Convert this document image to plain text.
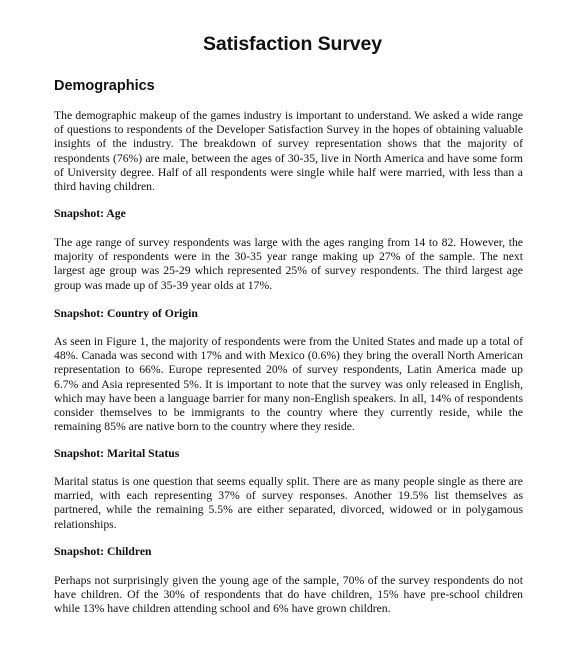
Satisfaction Survey
Demographics

The demographic makeup of the games industry is important to understand. We asked a wide range of questions to respondents of the Developer Satisfaction Survey in the hopes of obtaining valuable insights of the industry. The breakdown of survey representation shows that the majority of respondents (76%) are male, between the ages of 30-35, live in North America and have some form of University degree. Half of all respondents were single while half were married, with less than a third having children.

Snapshot: Age

The age range of survey respondents was large with the ages ranging from 14 to 82. However, the majority of respondents were in the 30-35 year range making up 27% of the sample. The next largest age group was 25-29 which represented 25% of survey respondents. The third largest age group was made up of 35-39 year olds at 17%.

Snapshot: Country of Origin

As seen in Figure 1, the majority of respondents were from the United States and made up a total of 48%. Canada was second with 17% and with Mexico (0.6%) they bring the overall North American representation to 66%. Europe represented 20% of survey respondents, Latin America made up 6.7% and Asia represented 5%. It is important to note that the survey was only released in English, which may have been a language barrier for many non-English speakers. In all, 14% of respondents consider themselves to be immigrants to the country where they currently reside, while the remaining 85% are native born to the country where they reside.

Snapshot: Marital Status

Marital status is one question that seems equally split. There are as many people single as there are married, with each representing 37% of survey responses. Another 19.5% list themselves as partnered, while the remaining 5.5% are either separated, divorced, widowed or in polygamous relationships.

Snapshot: Children

Perhaps not surprisingly given the young age of the sample, 70% of the survey respondents do not have children. Of the 30% of respondents that do have children, 15% have pre-school children while 13% have children attending school and 6% have grown children.
